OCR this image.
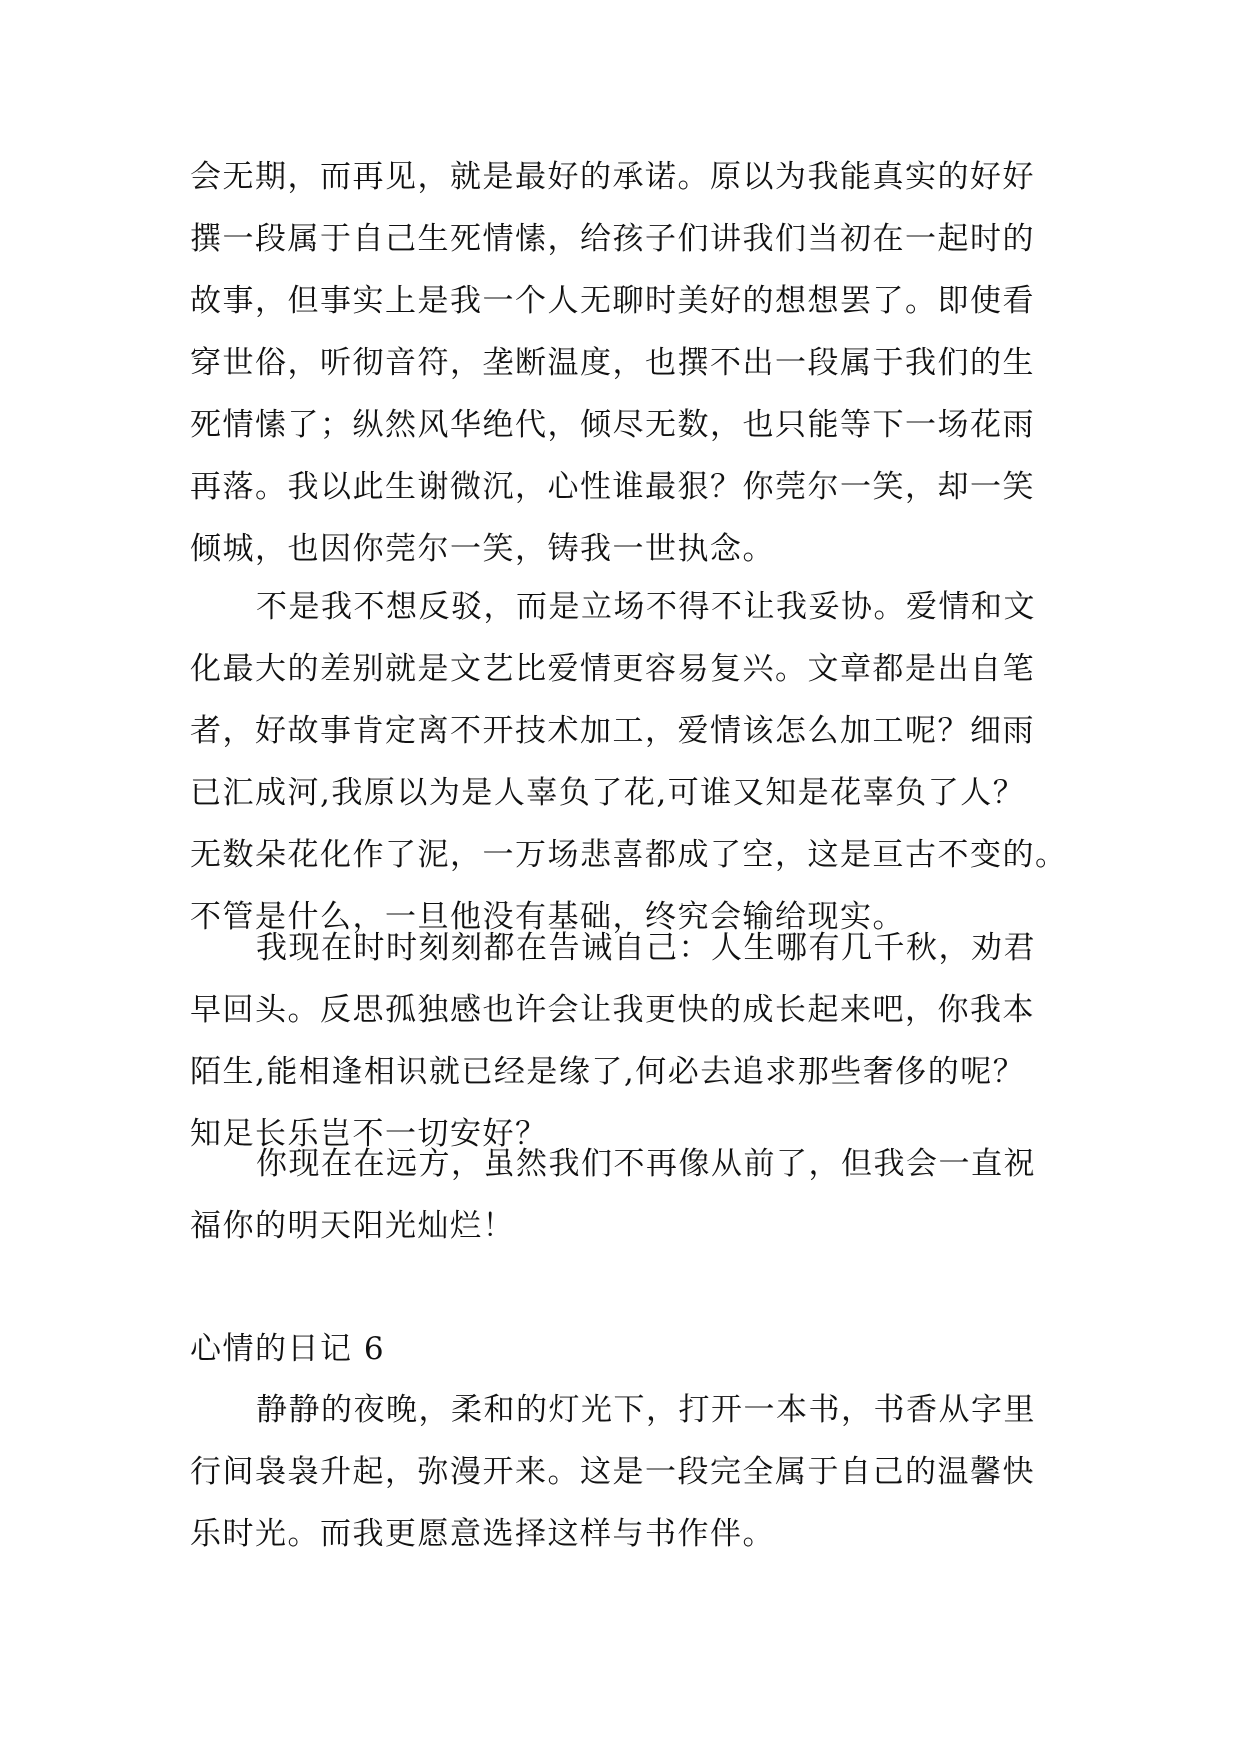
会无期，而再见，就是最好的承诺。原以为我能真实的好好
撰一段属于自己生死情愫，给孩子们讲我们当初在一起时的
故事，但事实上是我一个人无聊时美好的想想罢了。即使看
穿世俗，听彻音符，垄断温度，也撰不出一段属于我们的生
死情愫了；纵然风华绝代，倾尽无数，也只能等下一场花雨
再落。我以此生谢微沉，心性谁最狠？你莞尔一笑，却一笑
倾城，也因你莞尔一笑，铸我一世执念。
不是我不想反驳，而是立场不得不让我妥协。爱情和文
化最大的差别就是文艺比爱情更容易复兴。文章都是出自笔
者，好故事肯定离不开技术加工，爱情该怎么加工呢？细雨
已汇成河,我原以为是人辜负了花,可谁又知是花辜负了人？
无数朵花化作了泥，一万场悲喜都成了空，这是亘古不变的。
不管是什么，一旦他没有基础，终究会输给现实。
我现在时时刻刻都在告诫自己：人生哪有几千秋，劝君
早回头。反思孤独感也许会让我更快的成长起来吧，你我本
陌生,能相逢相识就已经是缘了,何必去追求那些奢侈的呢？
知足长乐岂不一切安好？
你现在在远方，虽然我们不再像从前了，但我会一直祝
福你的明天阳光灿烂！
心情的日记 6
静静的夜晚，柔和的灯光下，打开一本书，书香从字里
行间袅袅升起，弥漫开来。这是一段完全属于自己的温馨快
乐时光。而我更愿意选择这样与书作伴。
